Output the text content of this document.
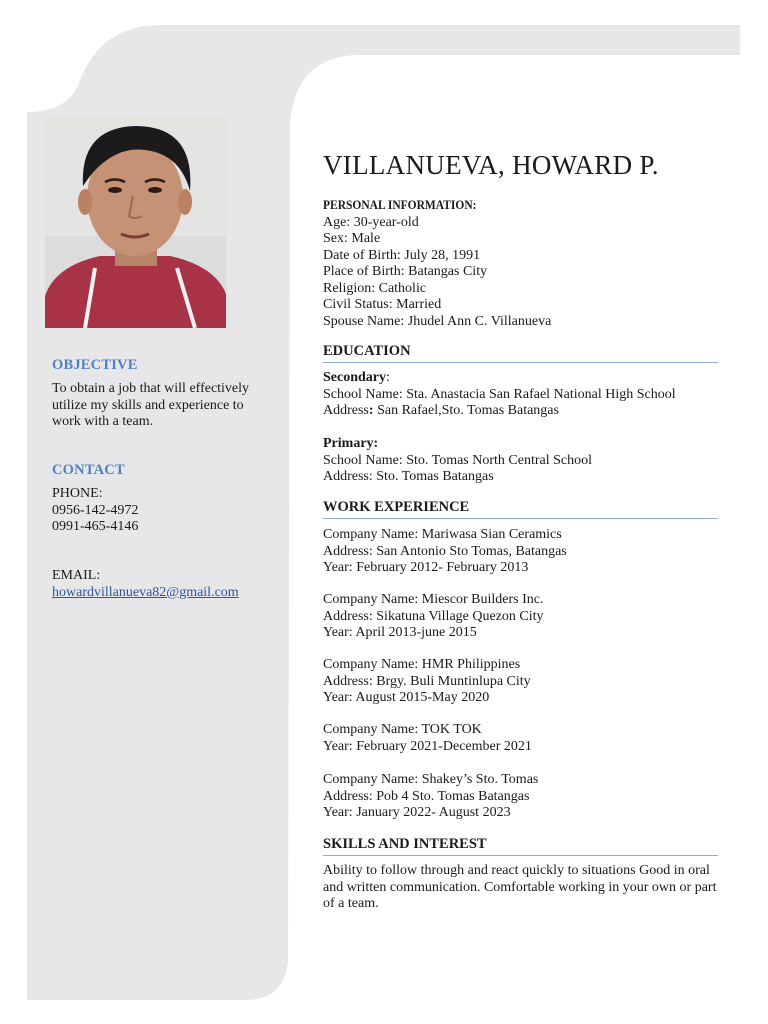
OBJECTIVE
To obtain a job that will effectively
utilize my skills and experience to
work with a team.
CONTACT
PHONE:
0956-142-4972
0991-465-4146
EMAIL:
howardvillanueva82@gmail.com
VILLANUEVA, HOWARD P.
PERSONAL INFORMATION:
Age: 30-year-old
Sex: Male
Date of Birth: July 28, 1991
Place of Birth: Batangas City
Religion: Catholic
Civil Status: Married
Spouse Name: Jhudel Ann C. Villanueva
EDUCATION
Secondary:
School Name: Sta. Anastacia San Rafael National High School
Address: San Rafael,Sto. Tomas Batangas
Primary:
School Name: Sto. Tomas North Central School
Address: Sto. Tomas Batangas
WORK EXPERIENCE
Company Name: Mariwasa Sian Ceramics
Address: San Antonio Sto Tomas, Batangas
Year: February 2012- February 2013
Company Name: Miescor Builders Inc.
Address: Sikatuna Village Quezon City
Year: April 2013-june 2015
Company Name: HMR Philippines
Address: Brgy. Buli Muntinlupa City
Year: August 2015-May 2020
Company Name: TOK TOK
Year: February 2021-December 2021
Company Name: Shakey’s Sto. Tomas
Address: Pob 4 Sto. Tomas Batangas
Year: January 2022- August 2023
SKILLS AND INTEREST
Ability to follow through and react quickly to situations Good in oral
and written communication. Comfortable working in your own or part
of a team.
